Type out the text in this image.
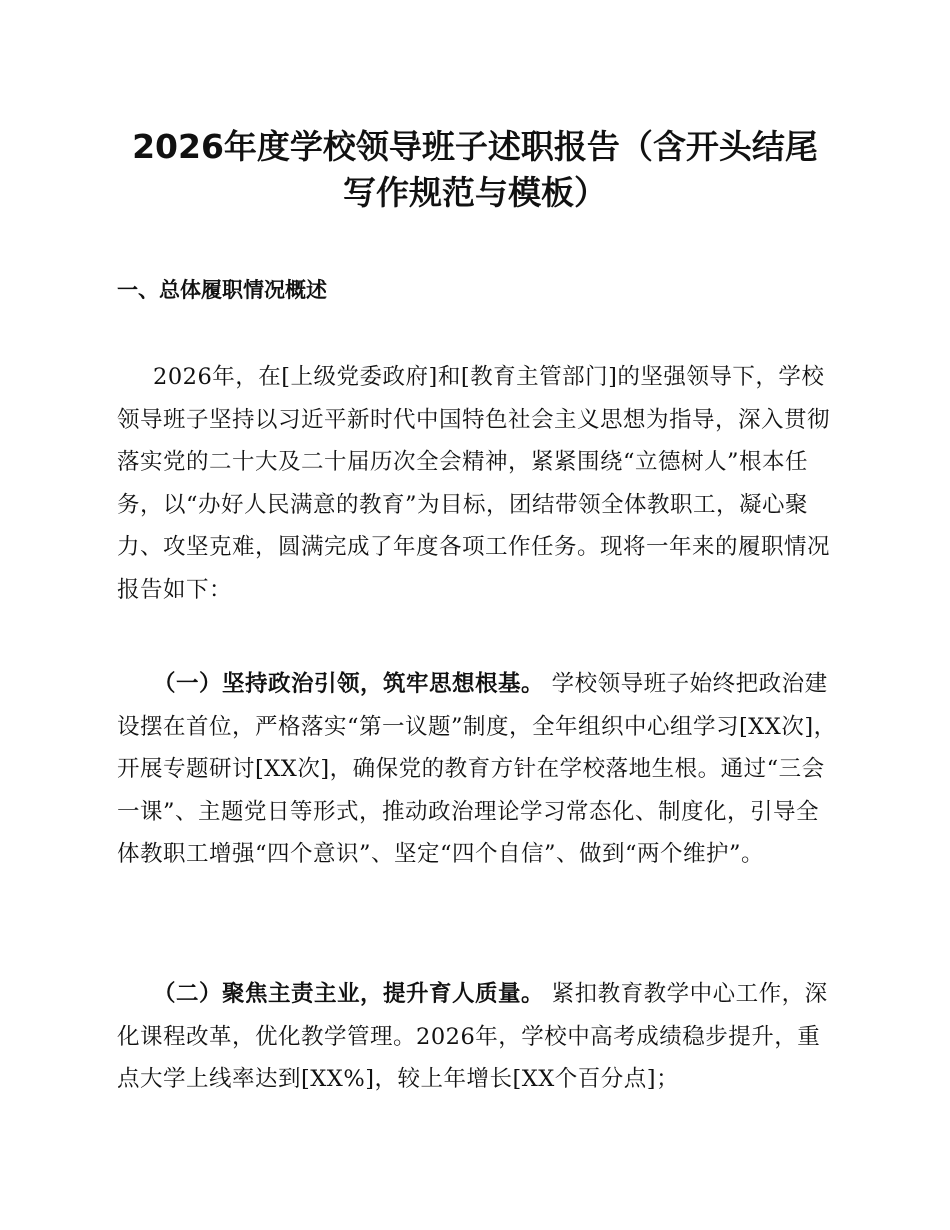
2026年度学校领导班子述职报告（含开头结尾
写作规范与模板）
一、总体履职情况概述

2026年，在[上级党委政府]和[教育主管部门]的坚强领导下，学校领导班子坚持以习近平新时代中国特色社会主义思想为指导，深入贯彻落实党的二十大及二十届历次全会精神，紧紧围绕“立德树人”根本任务，以“办好人民满意的教育”为目标，团结带领全体教职工，凝心聚力、攻坚克难，圆满完成了年度各项工作任务。现将一年来的履职情况报告如下：

（一）坚持政治引领，筑牢思想根基。 学校领导班子始终把政治建设摆在首位，严格落实“第一议题”制度，全年组织中心组学习[XX次]，开展专题研讨[XX次]，确保党的教育方针在学校落地生根。通过“三会一课”、主题党日等形式，推动政治理论学习常态化、制度化，引导全体教职工增强“四个意识”、坚定“四个自信”、做到“两个维护”。

（二）聚焦主责主业，提升育人质量。 紧扣教育教学中心工作，深化课程改革，优化教学管理。2026年，学校中高考成绩稳步提升，重点大学上线率达到[XX%]，较上年增长[XX个百分点]；
